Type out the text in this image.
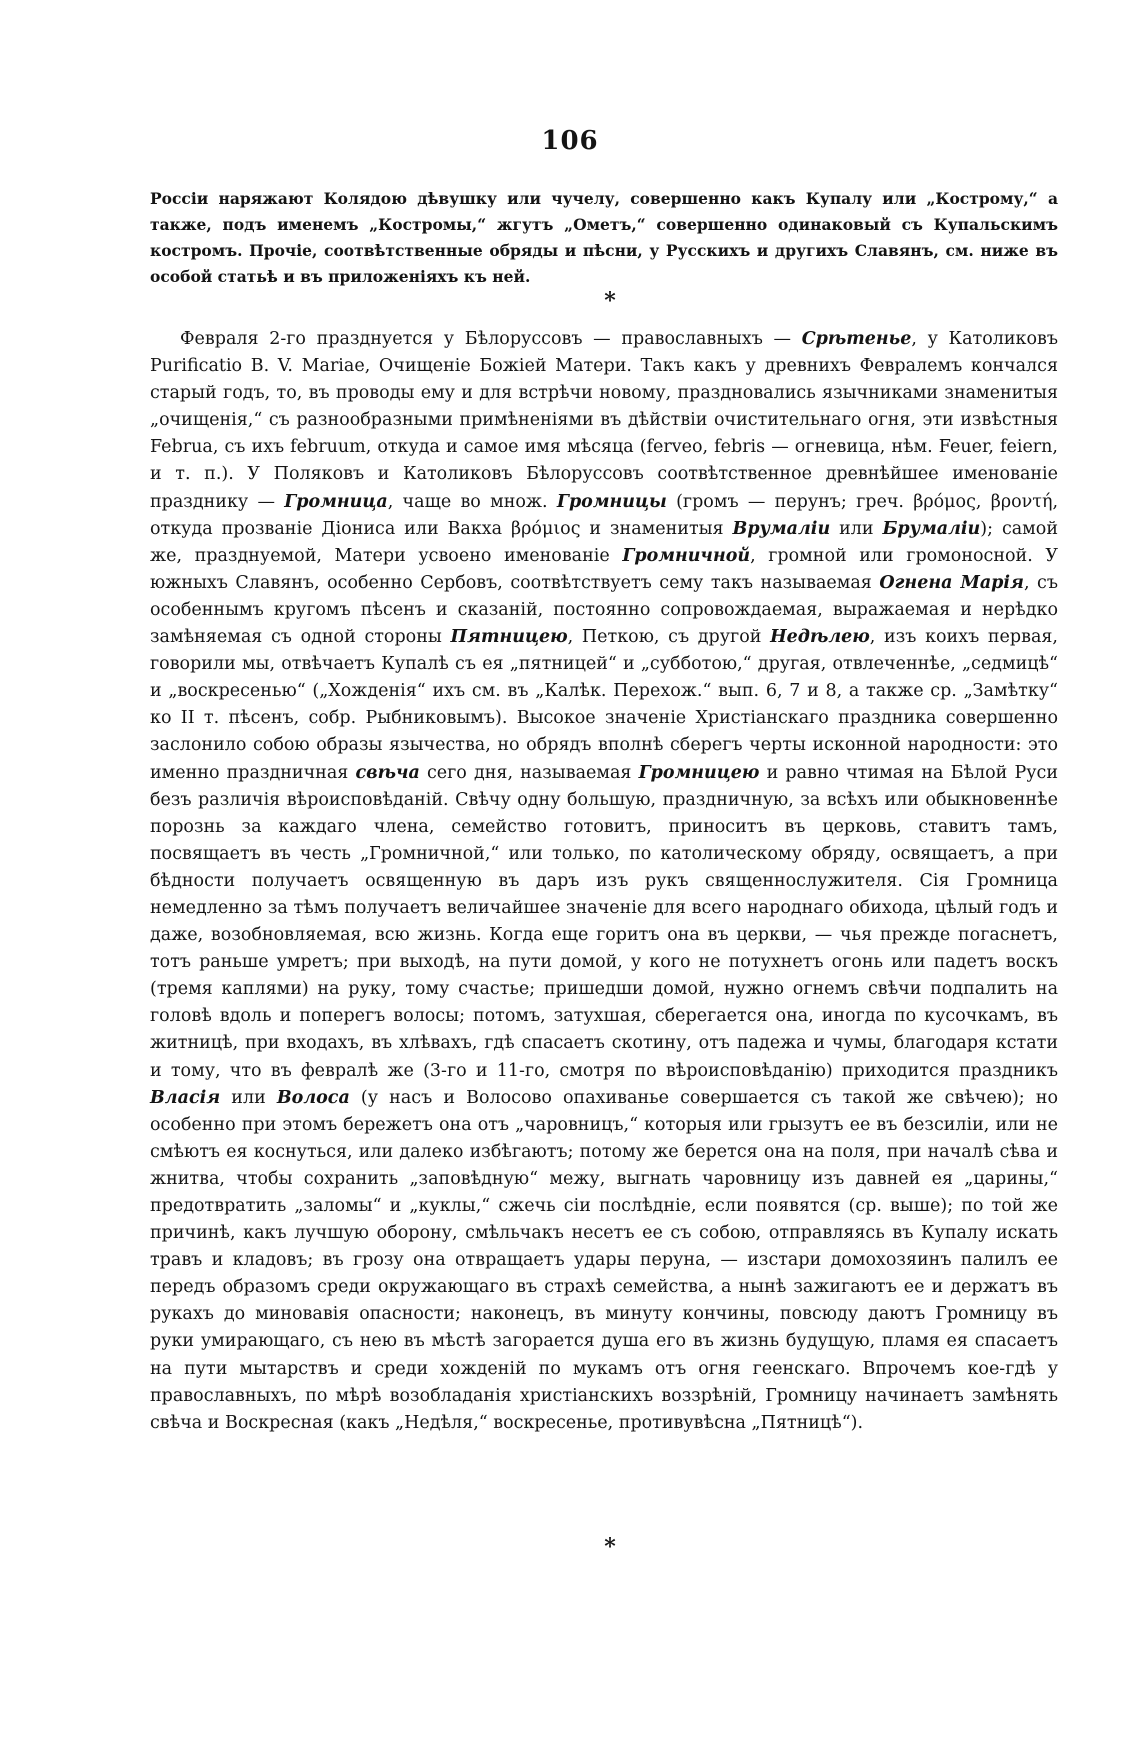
106

Россіи наряжают Колядою дѣвушку или чучелу, совершенно какъ Купалу или „Кострому,“ а также, подъ именемъ „Костромы,“ жгутъ „Ометъ,“ совершенно одинаковый съ Купальскимъ костромъ. Прочіе, соотвѣтственные обряды и пѣсни, у Русскихъ и другихъ Славянъ, см. ниже въ особой статьѣ и въ приложеніяхъ къ ней.

*

Февраля 2-го празднуется у Бѣлоруссовъ — православныхъ — Срѣтенье, у Католиковъ Purificatio B. V. Mariae, Очищеніе Божіей Матери. Такъ какъ у древнихъ Февралемъ кончался старый годъ, то, въ проводы ему и для встрѣчи новому, праздновались язычниками знаменитыя „очищенія,“ съ разнообразными примѣненіями въ дѣйствіи очистительнаго огня, эти извѣстныя Februa, съ ихъ februum, откуда и самое имя мѣсяца (ferveo, febris — огневица, нѣм. Feuer, feiern, и т. п.). У Поляковъ и Католиковъ Бѣлоруссовъ соотвѣтственное древнѣйшее именованіе празднику — Громница, чаще во множ. Громницы (громъ — перунъ; греч. βρόμος, βροντή, откуда прозваніе Діониса или Вакха βρόμιος и знаменитыя Врумаліи или Брумаліи); самой же, празднуемой, Матери усвоено именованіе Громничной, громной или громоносной. У южныхъ Славянъ, особенно Сербовъ, соотвѣтствуетъ сему такъ называемая Огнена Марія, съ особеннымъ кругомъ пѣсенъ и сказаній, постоянно сопровождаемая, выражаемая и нерѣдко замѣняемая съ одной стороны Пятницею, Петкою, съ другой Недѣлею, изъ коихъ первая, говорили мы, отвѣчаетъ Купалѣ съ ея „пятницей“ и „субботою,“ другая, отвлеченнѣе, „седмицѣ“ и „воскресенью“ („Хожденія“ ихъ см. въ „Калѣк. Перехож.“ вып. 6, 7 и 8, а также ср. „Замѣтку“ ко II т. пѣсенъ, собр. Рыбниковымъ). Высокое значеніе Христіанскаго праздника совершенно заслонило собою образы язычества, но обрядъ вполнѣ сберегъ черты исконной народности: это именно праздничная свѣча сего дня, называемая Громницею и равно чтимая на Бѣлой Руси безъ различія вѣроисповѣданій. Свѣчу одну большую, праздничную, за всѣхъ или обыкновеннѣе порознь за каждаго члена, семейство готовитъ, приноситъ въ церковь, ставитъ тамъ, посвящаетъ въ честь „Громничной,“ или только, по католическому обряду, освящаетъ, а при бѣдности получаетъ освященную въ даръ изъ рукъ священнослужителя. Сія Громница немедленно за тѣмъ получаетъ величайшее значеніе для всего народнаго обихода, цѣлый годъ и даже, возобновляемая, всю жизнь. Когда еще горитъ она въ церкви, — чья прежде погаснетъ, тотъ раньше умретъ; при выходѣ, на пути домой, у кого не потухнетъ огонь или падетъ воскъ (тремя каплями) на руку, тому счастье; пришедши домой, нужно огнемъ свѣчи подпалить на головѣ вдоль и поперегъ волосы; потомъ, затухшая, сберегается она, иногда по кусочкамъ, въ житницѣ, при входахъ, въ хлѣвахъ, гдѣ спасаетъ скотину, отъ падежа и чумы, благодаря кстати и тому, что въ февралѣ же (3-го и 11-го, смотря по вѣроисповѣданію) приходится праздникъ Власія или Волоса (у насъ и Волосово опахиванье совершается съ такой же свѣчею); но особенно при этомъ бережетъ она отъ „чаровницъ,“ которыя или грызутъ ее въ безсиліи, или не смѣютъ ея коснуться, или далеко избѣгаютъ; потому же берется она на поля, при началѣ сѣва и жнитва, чтобы сохранить „заповѣдную“ межу, выгнать чаровницу изъ давней ея „царины,“ предотвратить „заломы“ и „куклы,“ сжечь сіи послѣдніе, если появятся (ср. выше); по той же причинѣ, какъ лучшую оборону, смѣльчакъ несетъ ее съ собою, отправляясь въ Купалу искать травъ и кладовъ; въ грозу она отвращаетъ удары перуна, — изстари домохозяинъ палилъ ее передъ образомъ среди окружающаго въ страхѣ семейства, а нынѣ зажигаютъ ее и держатъ въ рукахъ до миновавія опасности; наконецъ, въ минуту кончины, повсюду даютъ Громницу въ руки умирающаго, съ нею въ мѣстѣ загорается душа его въ жизнь будущую, пламя ея спасаетъ на пути мытарствъ и среди хожденій по мукамъ отъ огня геенскаго. Впрочемъ кое-гдѣ у православныхъ, по мѣрѣ возобладанія христіанскихъ воззрѣній, Громницу начинаетъ замѣнять свѣча и Воскресная (какъ „Недѣля,“ воскресенье, противувѣсна „Пятницѣ“).

*
